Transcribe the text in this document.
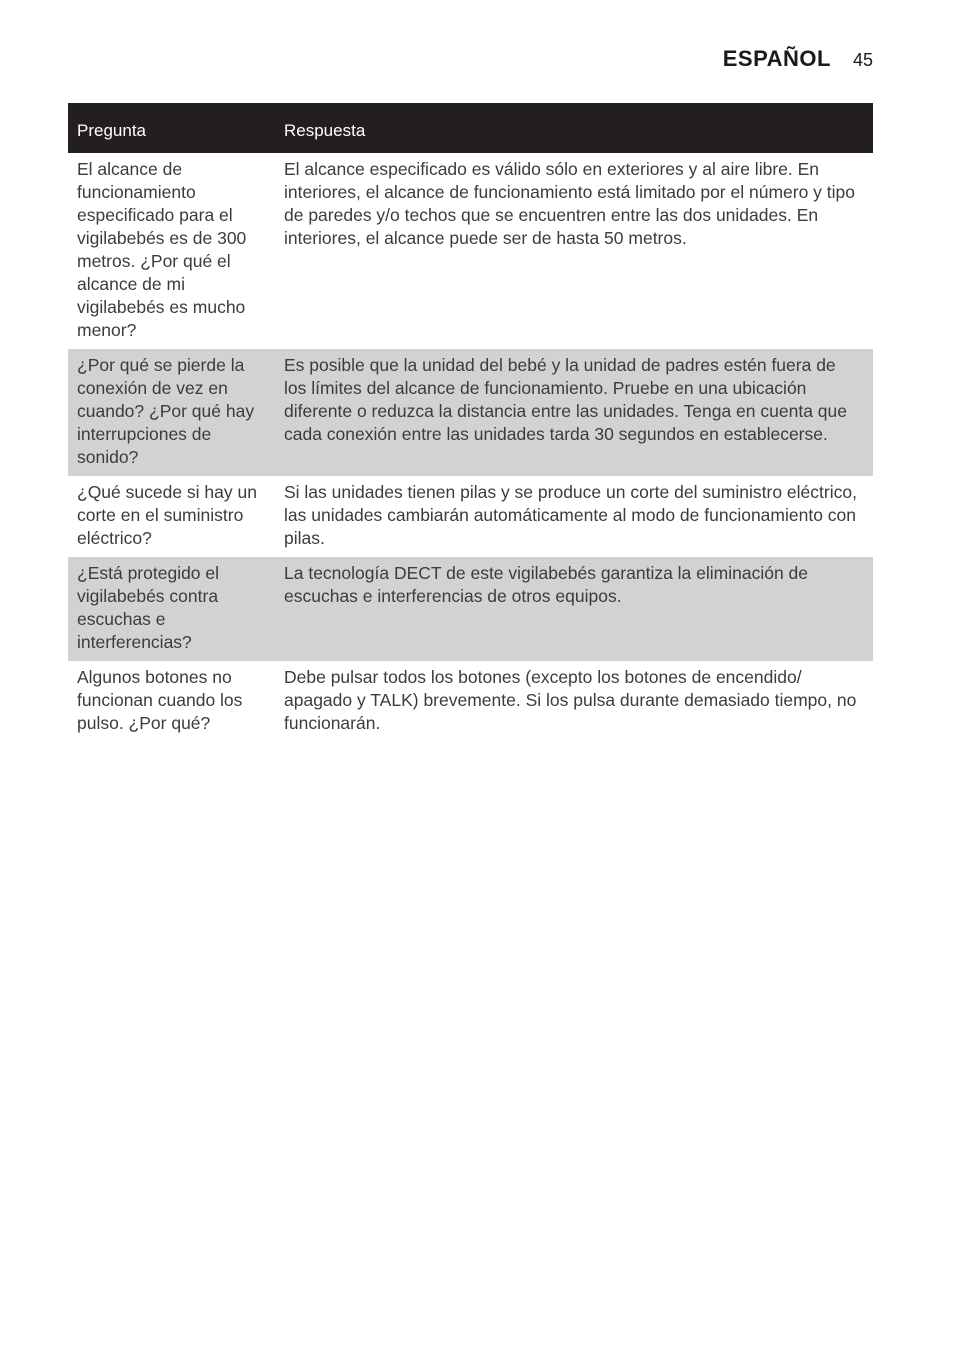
ESPAÑOL 45
Pregunta	Respuesta
El alcance de funcionamiento especificado para el vigilabebés es de 300 metros. ¿Por qué el alcance de mi vigilabebés es mucho menor?	El alcance especificado es válido sólo en exteriores y al aire libre. En interiores, el alcance de funcionamiento está limitado por el número y tipo de paredes y/o techos que se encuentren entre las dos unidades. En interiores, el alcance puede ser de hasta 50 metros.
¿Por qué se pierde la conexión de vez en cuando? ¿Por qué hay interrupciones de sonido?	Es posible que la unidad del bebé y la unidad de padres estén fuera de los límites del alcance de funcionamiento. Pruebe en una ubicación diferente o reduzca la distancia entre las unidades. Tenga en cuenta que cada conexión entre las unidades tarda 30 segundos en establecerse.
¿Qué sucede si hay un corte en el suministro eléctrico?	Si las unidades tienen pilas y se produce un corte del suministro eléctrico, las unidades cambiarán automáticamente al modo de funcionamiento con pilas.
¿Está protegido el vigilabebés contra escuchas e interferencias?	La tecnología DECT de este vigilabebés garantiza la eliminación de escuchas e interferencias de otros equipos.
Algunos botones no funcionan cuando los pulso. ¿Por qué?	Debe pulsar todos los botones (excepto los botones de encendido/ apagado y TALK) brevemente. Si los pulsa durante demasiado tiempo, no funcionarán.
